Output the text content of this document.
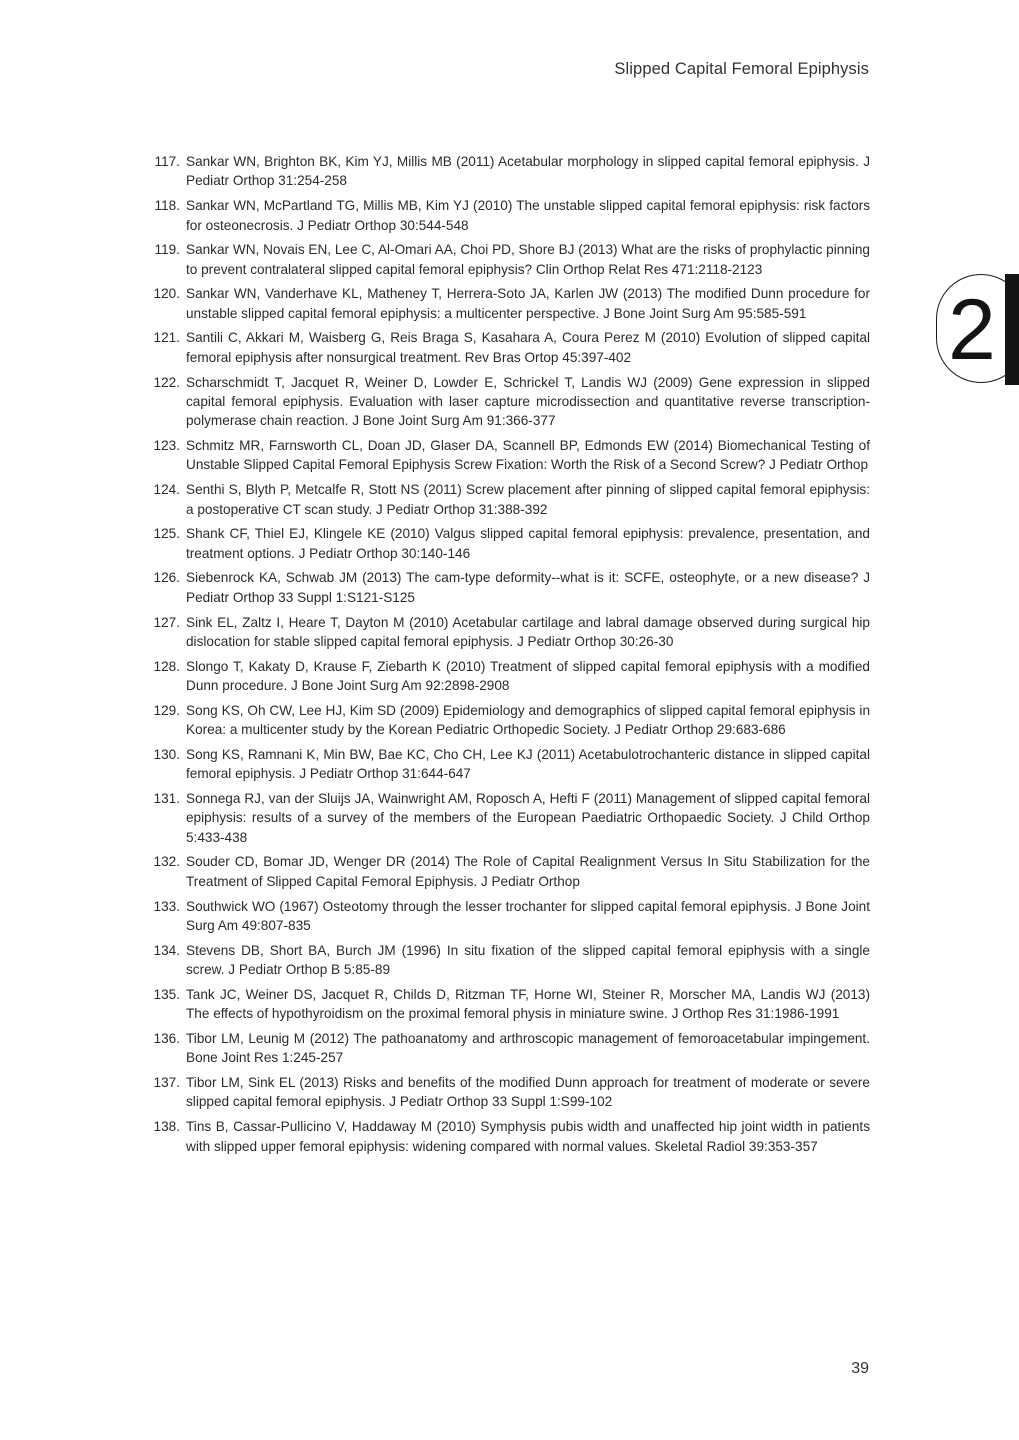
Slipped Capital Femoral Epiphysis
2
117. Sankar WN, Brighton BK, Kim YJ, Millis MB (2011) Acetabular morphology in slipped capital femoral epiphysis. J Pediatr Orthop 31:254-258
118. Sankar WN, McPartland TG, Millis MB, Kim YJ (2010) The unstable slipped capital femoral epiphysis: risk factors for osteonecrosis. J Pediatr Orthop 30:544-548
119. Sankar WN, Novais EN, Lee C, Al-Omari AA, Choi PD, Shore BJ (2013) What are the risks of prophylactic pinning to prevent contralateral slipped capital femoral epiphysis? Clin Orthop Relat Res 471:2118-2123
120. Sankar WN, Vanderhave KL, Matheney T, Herrera-Soto JA, Karlen JW (2013) The modified Dunn procedure for unstable slipped capital femoral epiphysis: a multicenter perspective. J Bone Joint Surg Am 95:585-591
121. Santili C, Akkari M, Waisberg G, Reis Braga S, Kasahara A, Coura Perez M (2010) Evolution of slipped capital femoral epiphysis after nonsurgical treatment. Rev Bras Ortop 45:397-402
122. Scharschmidt T, Jacquet R, Weiner D, Lowder E, Schrickel T, Landis WJ (2009) Gene expression in slipped capital femoral epiphysis. Evaluation with laser capture microdissection and quantitative reverse transcription-polymerase chain reaction. J Bone Joint Surg Am 91:366-377
123. Schmitz MR, Farnsworth CL, Doan JD, Glaser DA, Scannell BP, Edmonds EW (2014) Biomechanical Testing of Unstable Slipped Capital Femoral Epiphysis Screw Fixation: Worth the Risk of a Second Screw? J Pediatr Orthop
124. Senthi S, Blyth P, Metcalfe R, Stott NS (2011) Screw placement after pinning of slipped capital femoral epiphysis: a postoperative CT scan study. J Pediatr Orthop 31:388-392
125. Shank CF, Thiel EJ, Klingele KE (2010) Valgus slipped capital femoral epiphysis: prevalence, presentation, and treatment options. J Pediatr Orthop 30:140-146
126. Siebenrock KA, Schwab JM (2013) The cam-type deformity--what is it: SCFE, osteophyte, or a new disease? J Pediatr Orthop 33 Suppl 1:S121-S125
127. Sink EL, Zaltz I, Heare T, Dayton M (2010) Acetabular cartilage and labral damage observed during surgical hip dislocation for stable slipped capital femoral epiphysis. J Pediatr Orthop 30:26-30
128. Slongo T, Kakaty D, Krause F, Ziebarth K (2010) Treatment of slipped capital femoral epiphysis with a modified Dunn procedure. J Bone Joint Surg Am 92:2898-2908
129. Song KS, Oh CW, Lee HJ, Kim SD (2009) Epidemiology and demographics of slipped capital femoral epiphysis in Korea: a multicenter study by the Korean Pediatric Orthopedic Society. J Pediatr Orthop 29:683-686
130. Song KS, Ramnani K, Min BW, Bae KC, Cho CH, Lee KJ (2011) Acetabulotrochanteric distance in slipped capital femoral epiphysis. J Pediatr Orthop 31:644-647
131. Sonnega RJ, van der Sluijs JA, Wainwright AM, Roposch A, Hefti F (2011) Management of slipped capital femoral epiphysis: results of a survey of the members of the European Paediatric Orthopaedic Society. J Child Orthop 5:433-438
132. Souder CD, Bomar JD, Wenger DR (2014) The Role of Capital Realignment Versus In Situ Stabilization for the Treatment of Slipped Capital Femoral Epiphysis. J Pediatr Orthop
133. Southwick WO (1967) Osteotomy through the lesser trochanter for slipped capital femoral epiphysis. J Bone Joint Surg Am 49:807-835
134. Stevens DB, Short BA, Burch JM (1996) In situ fixation of the slipped capital femoral epiphysis with a single screw. J Pediatr Orthop B 5:85-89
135. Tank JC, Weiner DS, Jacquet R, Childs D, Ritzman TF, Horne WI, Steiner R, Morscher MA, Landis WJ (2013) The effects of hypothyroidism on the proximal femoral physis in miniature swine. J Orthop Res 31:1986-1991
136. Tibor LM, Leunig M (2012) The pathoanatomy and arthroscopic management of femoroacetabular impingement. Bone Joint Res 1:245-257
137. Tibor LM, Sink EL (2013) Risks and benefits of the modified Dunn approach for treatment of moderate or severe slipped capital femoral epiphysis. J Pediatr Orthop 33 Suppl 1:S99-102
138. Tins B, Cassar-Pullicino V, Haddaway M (2010) Symphysis pubis width and unaffected hip joint width in patients with slipped upper femoral epiphysis: widening compared with normal values. Skeletal Radiol 39:353-357
39
